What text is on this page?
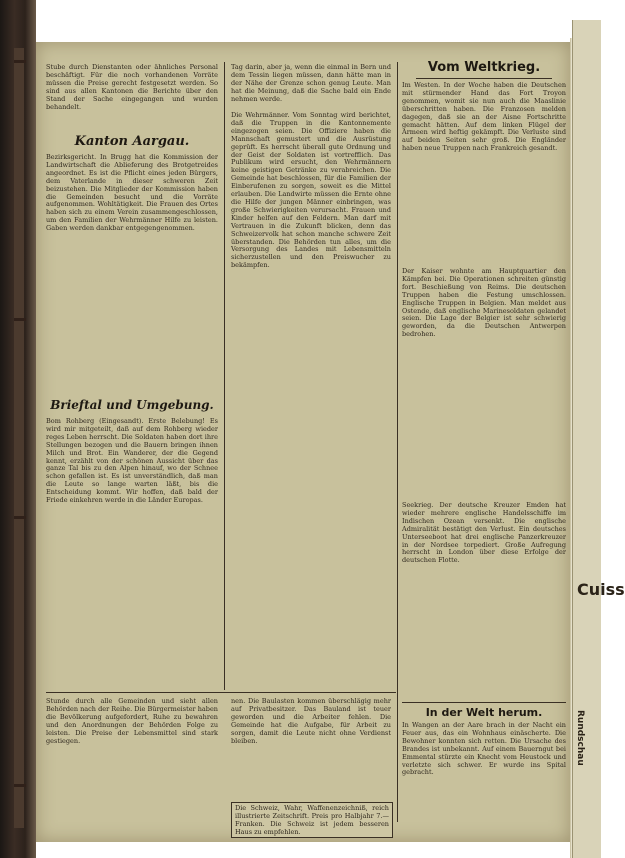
Cuiss
Rundschau
Stube durch Dienstanten oder ähnliches Personal beschäftigt. Für die noch vorhandenen Vorräte müssen die Preise gerecht festgesetzt werden. So sind aus allen Kantonen die Berichte über den Stand der Sache eingegangen und wurden behandelt.
Kanton Aargau.
Bezirksgericht. In Brugg hat die Kommission der Landwirtschaft die Ablieferung des Brotgetreides angeordnet. Es ist die Pflicht eines jeden Bürgers, dem Vaterlande in dieser schweren Zeit beizustehen. Die Mitglieder der Kommission haben die Gemeinden besucht und die Vorräte aufgenommen. Wohltätigkeit. Die Frauen des Ortes haben sich zu einem Verein zusammengeschlossen, um den Familien der Wehrmänner Hilfe zu leisten. Gaben werden dankbar entgegengenommen.
Brieftal und Umgebung.
Bom Rohberg (Eingesandt). Erste Belebung! Es wird mir mitgeteilt, daß auf dem Rohberg wieder reges Leben herrscht. Die Soldaten haben dort ihre Stellungen bezogen und die Bauern bringen ihnen Milch und Brot. Ein Wanderer, der die Gegend kennt, erzählt von der schönen Aussicht über das ganze Tal bis zu den Alpen hinauf, wo der Schnee schon gefallen ist. Es ist unverständlich, daß man die Leute so lange warten läßt, bis die Entscheidung kommt. Wir hoffen, daß bald der Friede einkehren werde in die Länder Europas.
Tag darin, aber ja, wenn die einmal in Bern und dem Tessin liegen müssen, dann hätte man in der Nähe der Grenze schon genug Leute. Man hat die Meinung, daß die Sache bald ein Ende nehmen werde.
Die Wehrmänner. Vom Sonntag wird berichtet, daß die Truppen in die Kantonnemente eingezogen seien. Die Offiziere haben die Mannschaft gemustert und die Ausrüstung geprüft. Es herrscht überall gute Ordnung und der Geist der Soldaten ist vortrefflich. Das Publikum wird ersucht, den Wehrmännern keine geistigen Getränke zu verabreichen. Die Gemeinde hat beschlossen, für die Familien der Einberufenen zu sorgen, soweit es die Mittel erlauben. Die Landwirte müssen die Ernte ohne die Hilfe der jungen Männer einbringen, was große Schwierigkeiten verursacht. Frauen und Kinder helfen auf den Feldern. Man darf mit Vertrauen in die Zukunft blicken, denn das Schweizervolk hat schon manche schwere Zeit überstanden. Die Behörden tun alles, um die Versorgung des Landes mit Lebensmitteln sicherzustellen und den Preiswucher zu bekämpfen.
Stunde durch alle Gemeinden und sieht allen Behörden nach der Reihe. Die Bürgermeister haben die Bevölkerung aufgefordert, Ruhe zu bewahren und den Anordnungen der Behörden Folge zu leisten. Die Preise der Lebensmittel sind stark gestiegen.
nen. Die Baulasten kommen überschlägig mehr auf Privatbesitzer. Das Bauland ist teuer geworden und die Arbeiter fehlen. Die Gemeinde hat die Aufgabe, für Arbeit zu sorgen, damit die Leute nicht ohne Verdienst bleiben.
Die Schweiz, Wahr, Waffenenzeichniß, reich illustrierte Zeitschrift. Preis pro Halbjahr 7.— Franken. Die Schweiz ist jedem besseren Haus zu empfehlen.
Vom Weltkrieg.
Im Westen. In der Woche haben die Deutschen mit stürmender Hand das Fort Troyon genommen, womit sie nun auch die Maaslinie überschritten haben. Die Franzosen melden dagegen, daß sie an der Aisne Fortschritte gemacht hätten. Auf dem linken Flügel der Armeen wird heftig gekämpft. Die Verluste sind auf beiden Seiten sehr groß. Die Engländer haben neue Truppen nach Frankreich gesandt.
Der Kaiser wohnte am Hauptquartier den Kämpfen bei. Die Operationen schreiten günstig fort. Beschießung von Reims. Die deutschen Truppen haben die Festung umschlossen. Englische Truppen in Belgien. Man meldet aus Ostende, daß englische Marinesoldaten gelandet seien. Die Lage der Belgier ist sehr schwierig geworden, da die Deutschen Antwerpen bedrohen.
Seekrieg. Der deutsche Kreuzer Emden hat wieder mehrere englische Handelsschiffe im Indischen Ozean versenkt. Die englische Admiralität bestätigt den Verlust. Ein deutsches Unterseeboot hat drei englische Panzerkreuzer in der Nordsee torpediert. Große Aufregung herrscht in London über diese Erfolge der deutschen Flotte.
In der Welt herum.
In Wangen an der Aare brach in der Nacht ein Feuer aus, das ein Wohnhaus einäscherte. Die Bewohner konnten sich retten. Die Ursache des Brandes ist unbekannt. Auf einem Bauerngut bei Emmental stürzte ein Knecht vom Heustock und verletzte sich schwer. Er wurde ins Spital gebracht.
